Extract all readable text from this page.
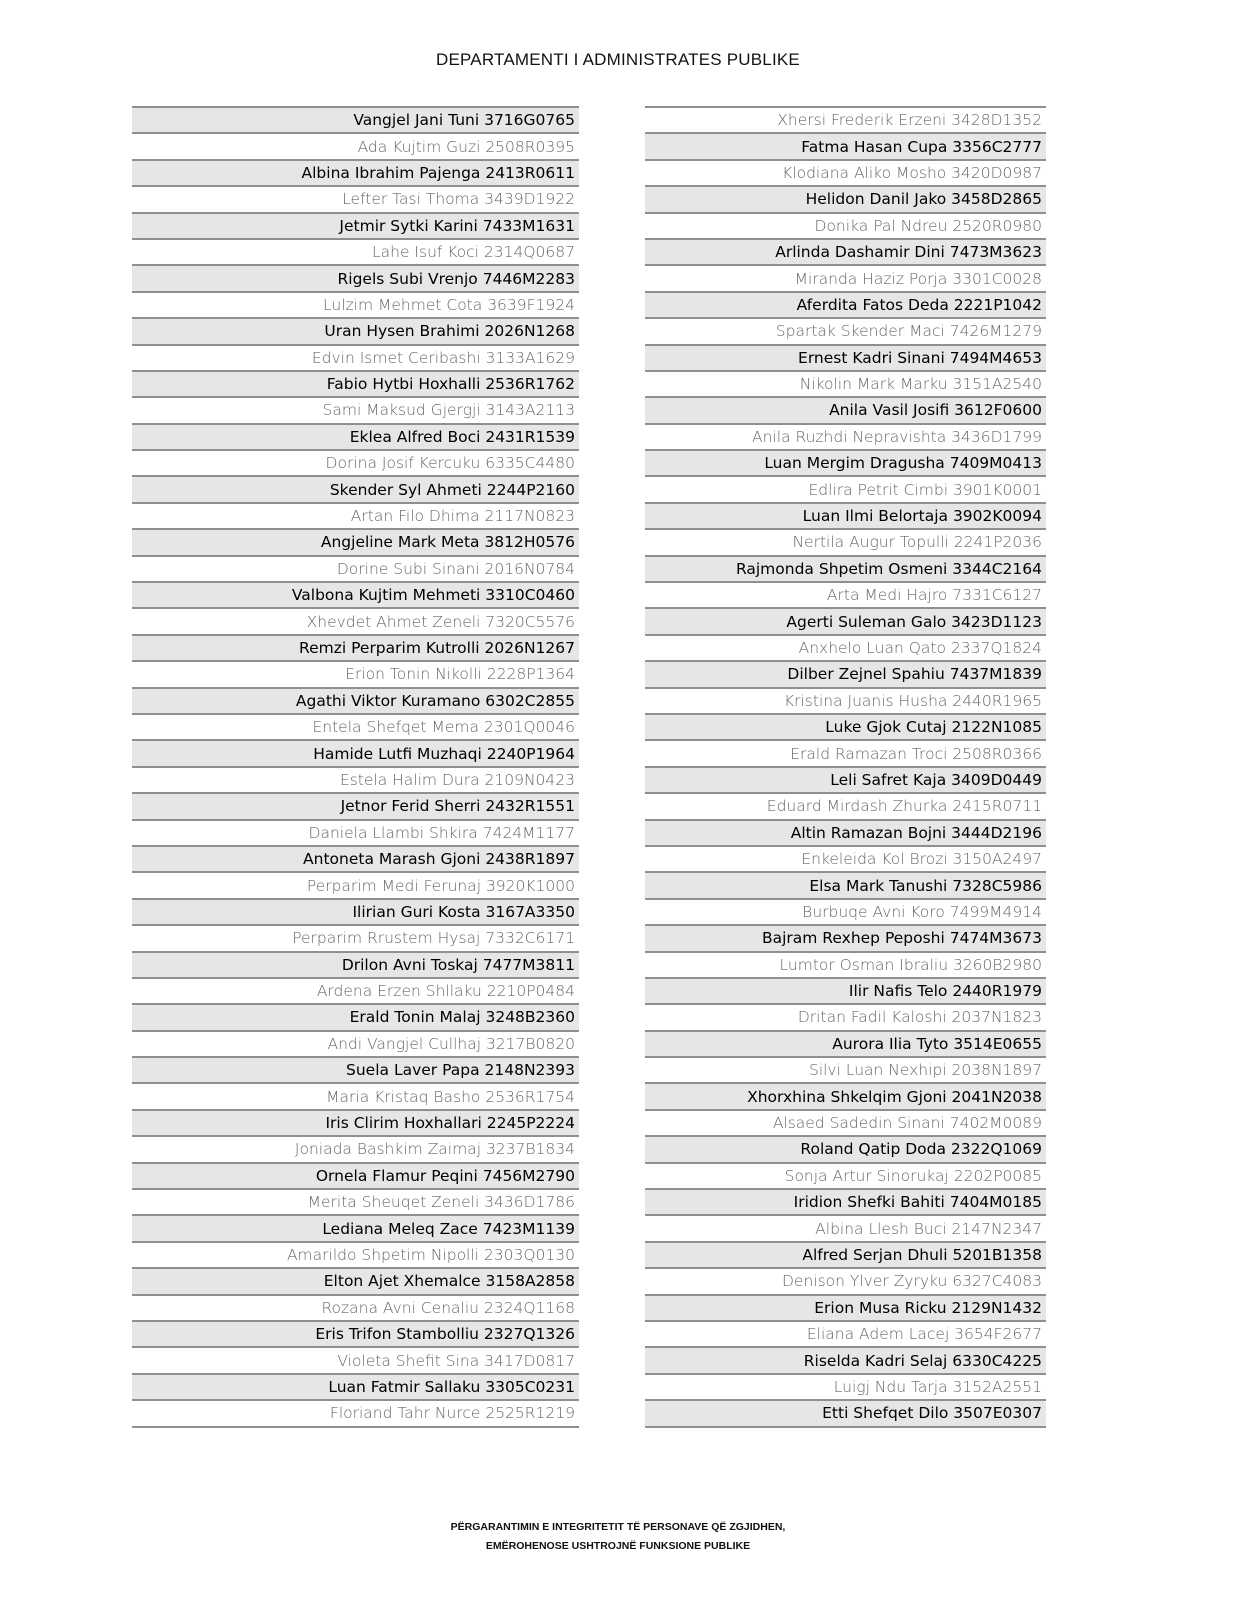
DEPARTAMENTI I ADMINISTRATES PUBLIKE
Vangjel Jani Tuni 3716G0765
Ada Kujtim Guzi 2508R0395
Albina Ibrahim Pajenga 2413R0611
Lefter Tasi Thoma 3439D1922
Jetmir Sytki Karini 7433M1631
Lahe Isuf Koci 2314Q0687
Rigels Subi Vrenjo 7446M2283
Lulzim Mehmet Cota 3639F1924
Uran Hysen Brahimi 2026N1268
Edvin Ismet Ceribashi 3133A1629
Fabio Hytbi Hoxhalli 2536R1762
Sami Maksud Gjergji 3143A2113
Eklea Alfred Boci 2431R1539
Dorina Josif Kercuku 6335C4480
Skender Syl Ahmeti 2244P2160
Artan Filo Dhima 2117N0823
Angjeline Mark Meta 3812H0576
Dorine Subi Sinani 2016N0784
Valbona Kujtim Mehmeti 3310C0460
Xhevdet Ahmet Zeneli 7320C5576
Remzi Perparim Kutrolli 2026N1267
Erion Tonin Nikolli 2228P1364
Agathi Viktor Kuramano 6302C2855
Entela Shefqet Mema 2301Q0046
Hamide Lutfi Muzhaqi 2240P1964
Estela Halim Dura 2109N0423
Jetnor Ferid Sherri 2432R1551
Daniela Llambi Shkira 7424M1177
Antoneta Marash Gjoni 2438R1897
Perparim Medi Ferunaj 3920K1000
Ilirian Guri Kosta 3167A3350
Perparim Rrustem Hysaj 7332C6171
Drilon Avni Toskaj 7477M3811
Ardena Erzen Shllaku 2210P0484
Erald Tonin Malaj 3248B2360
Andi Vangjel Cullhaj 3217B0820
Suela Laver Papa 2148N2393
Maria Kristaq Basho 2536R1754
Iris Clirim Hoxhallari 2245P2224
Joniada Bashkim Zaimaj 3237B1834
Ornela Flamur Peqini 7456M2790
Merita Sheuqet Zeneli 3436D1786
Lediana Meleq Zace 7423M1139
Amarildo Shpetim Nipolli 2303Q0130
Elton Ajet Xhemalce 3158A2858
Rozana Avni Cenaliu 2324Q1168
Eris Trifon Stambolliu 2327Q1326
Violeta Shefit Sina 3417D0817
Luan Fatmir Sallaku 3305C0231
Floriand Tahr Nurce 2525R1219
Xhersi Frederik Erzeni 3428D1352
Fatma Hasan Cupa 3356C2777
Klodiana Aliko Mosho 3420D0987
Helidon Danil Jako 3458D2865
Donika Pal Ndreu 2520R0980
Arlinda Dashamir Dini 7473M3623
Miranda Haziz Porja 3301C0028
Aferdita Fatos Deda 2221P1042
Spartak Skender Maci 7426M1279
Ernest Kadri Sinani 7494M4653
Nikolin Mark Marku 3151A2540
Anila Vasil Josifi 3612F0600
Anila Ruzhdi Nepravishta 3436D1799
Luan Mergim Dragusha 7409M0413
Edlira Petrit Cimbi 3901K0001
Luan Ilmi Belortaja 3902K0094
Nertila Augur Topulli 2241P2036
Rajmonda Shpetim Osmeni 3344C2164
Arta Medi Hajro 7331C6127
Agerti Suleman Galo 3423D1123
Anxhelo Luan Qato 2337Q1824
Dilber Zejnel Spahiu 7437M1839
Kristina Juanis Husha 2440R1965
Luke Gjok Cutaj 2122N1085
Erald Ramazan Troci 2508R0366
Leli Safret Kaja 3409D0449
Eduard Mirdash Zhurka 2415R0711
Altin Ramazan Bojni 3444D2196
Enkeleida Kol Brozi 3150A2497
Elsa Mark Tanushi 7328C5986
Burbuqe Avni Koro 7499M4914
Bajram Rexhep Peposhi 7474M3673
Lumtor Osman Ibraliu 3260B2980
Ilir Nafis Telo 2440R1979
Dritan Fadil Kaloshi 2037N1823
Aurora Ilia Tyto 3514E0655
Silvi Luan Nexhipi 2038N1897
Xhorxhina Shkelqim Gjoni 2041N2038
Alsaed Sadedin Sinani 7402M0089
Roland Qatip Doda 2322Q1069
Sonja Artur Sinorukaj 2202P0085
Iridion Shefki Bahiti 7404M0185
Albina Llesh Buci 2147N2347
Alfred Serjan Dhuli 5201B1358
Denison Ylver Zyryku 6327C4083
Erion Musa Ricku 2129N1432
Eliana Adem Lacej 3654F2677
Riselda Kadri Selaj 6330C4225
Luigj Ndu Tarja 3152A2551
Etti Shefqet Dilo 3507E0307
PËRGARANTIMIN E INTEGRITETIT TË PERSONAVE QË ZGJIDHEN,
EMËROHENOSE USHTROJNË FUNKSIONE PUBLIKE
